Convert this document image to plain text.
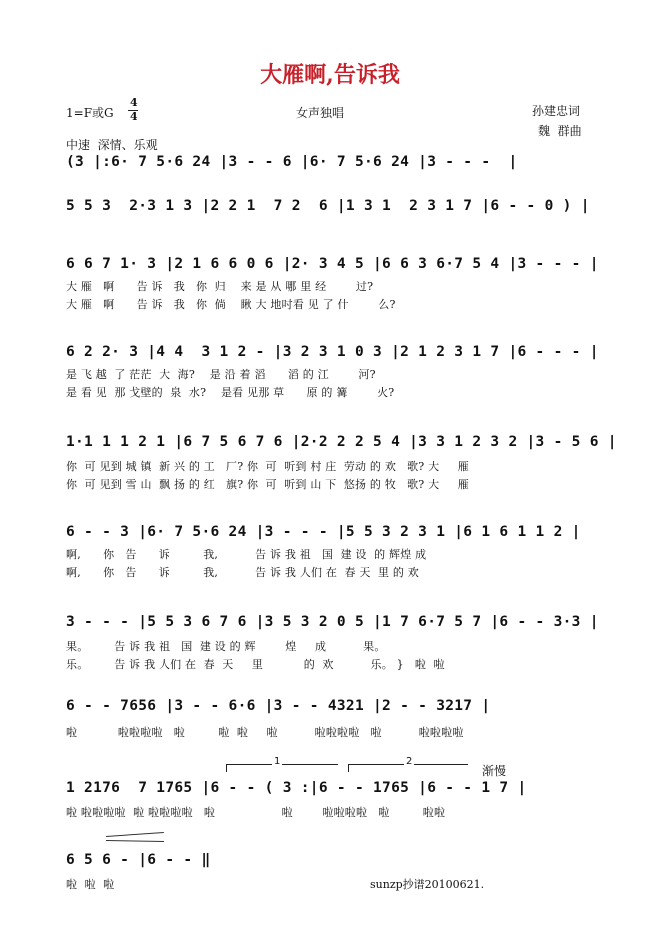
大雁啊,告诉我
1=F或G
4
4	女声独唱	孙建忠词
魏  群曲
中速  深情、乐观
(3 |:6· 7 5·6 24 |3 - - 6 |6· 7 5·6 24 |3 - - -  |
5 5 3  2·3 1 3 |2 2 1  7 2  6 |1 3 1  2 3 1 7 |6 - - 0 ) |
6 6 7 1· 3 |2 1 6 6 0 6 |2· 3 4 5 |6 6 3 6·7 5 4 |3 - - - |
大 雁   啊      告 诉   我   你  归    来 是 从 哪 里 经        过?
大 雁   啊      告 诉   我   你  倘    瞅 大 地吋看 见 了 什        么?
6 2 2· 3 |4 4  3 1 2 - |3 2 3 1 0 3 |2 1 2 3 1 7 |6 - - - |
是 飞 越  了 茫茫  大  海?    是 沿 着 滔      滔 的 江        河?
是 看 见  那 戈壁的  泉  水?    是看 见那 草      原 的 篝        火?
1·1 1 1 2 1 |6 7 5 6 7 6 |2·2 2 2 5 4 |3 3 1 2 3 2 |3 - 5 6 |
你  可 见到 城 镇  新 兴 的 工   厂? 你  可  听到 村 庄  劳动 的 欢   歌? 大     雁
你  可 见到 雪 山  飘 扬 的 红   旗? 你  可  听到 山 下  悠扬 的 牧   歌? 大     雁
6 - - 3 |6· 7 5·6 24 |3 - - - |5 5 3 2 3 1 |6 1 6 1 1 2 |
啊,      你   告      诉         我,          告 诉 我 祖   国  建 设  的 辉煌 成
啊,      你   告      诉         我,          告 诉 我 人们 在  春 天  里 的 欢
3 - - - |5 5 3 6 7 6 |3 5 3 2 0 5 |1 7 6·7 5 7 |6 - - 3·3 |
果。       告 诉 我 祖   国  建 设 的 辉        煌     成          果。
乐。       告 诉 我 人们 在  春  天     里           的  欢          乐。 }   啦  啦
6 - - 7656 |3 - - 6·6 |3 - - 4321 |2 - - 3217 |
啦           啦啦啦啦   啦         啦  啦     啦          啦啦啦啦   啦          啦啦啦啦
1	2
渐慢
1 2176  7 1765 |6 - - ( 3 :|6 - - 1765 |6 - - 1 7 |
啦 啦啦啦啦  啦 啦啦啦啦   啦                  啦        啦啦啦啦   啦         啦啦
6 5 6 - |6 - - ‖
啦  啦  啦	sunzp抄谱20100621.
